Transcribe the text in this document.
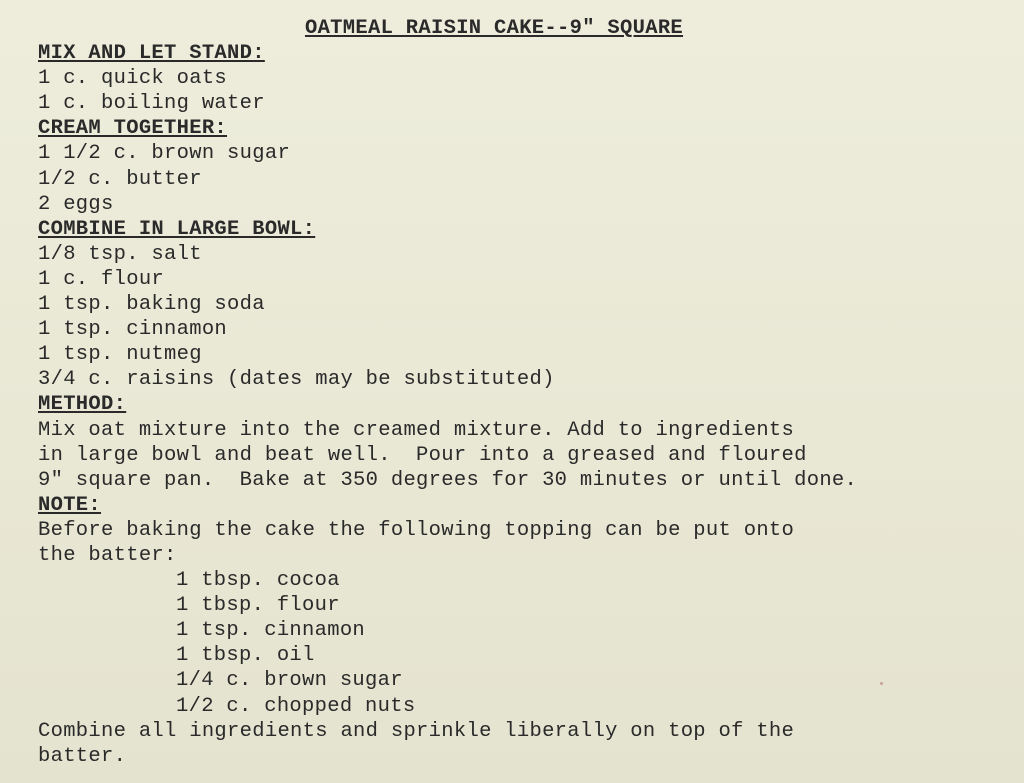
OATMEAL RAISIN CAKE--9" SQUARE
MIX AND LET STAND:
1 c. quick oats
1 c. boiling water
CREAM TOGETHER:
1 1/2 c. brown sugar
1/2 c. butter
2 eggs
COMBINE IN LARGE BOWL:
1/8 tsp. salt
1 c. flour
1 tsp. baking soda
1 tsp. cinnamon
1 tsp. nutmeg
3/4 c. raisins (dates may be substituted)
METHOD:
Mix oat mixture into the creamed mixture. Add to ingredients
in large bowl and beat well.  Pour into a greased and floured
9" square pan.  Bake at 350 degrees for 30 minutes or until done.
NOTE:
Before baking the cake the following topping can be put onto
the batter:
1 tbsp. cocoa
1 tbsp. flour
1 tsp. cinnamon
1 tbsp. oil
1/4 c. brown sugar
1/2 c. chopped nuts
Combine all ingredients and sprinkle liberally on top of the
batter.
